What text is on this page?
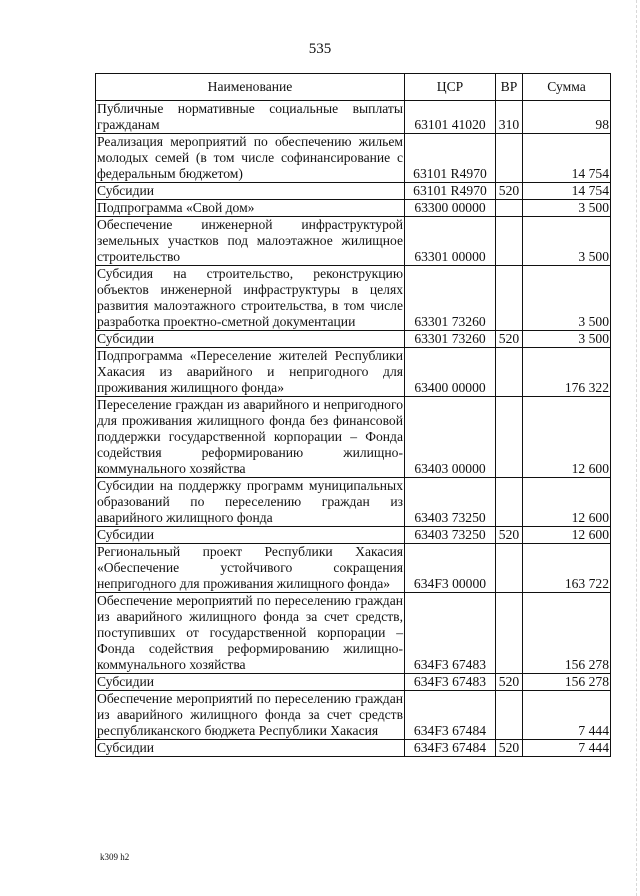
535
Наименование	ЦСР	ВР	Сумма
Публичные нормативные социальные выплаты гражданам	63101 41020	310	98
Реализация мероприятий по обеспечению жильем молодых семей (в том числе софинансирование с федеральным бюджетом)	63101 R4970		14 754
Субсидии	63101 R4970	520	14 754
Подпрограмма «Свой дом»	63300 00000		3 500
Обеспечение инженерной инфраструктурой земельных участков под малоэтажное жилищное строительство	63301 00000		3 500
Субсидия на строительство, реконструкцию объектов инженерной инфраструктуры в целях развития малоэтажного строительства, в том числе разработка проектно-сметной документации	63301 73260		3 500
Субсидии	63301 73260	520	3 500
Подпрограмма «Переселение жителей Республики Хакасия из аварийного и непригодного для проживания жилищного фонда»	63400 00000		176 322
Переселение граждан из аварийного и непригодного для проживания жилищного фонда без финансовой поддержки государственной корпорации – Фонда содействия реформированию жилищно-коммунального хозяйства	63403 00000		12 600
Субсидии на поддержку программ муниципальных образований по переселению граждан из аварийного жилищного фонда	63403 73250		12 600
Субсидии	63403 73250	520	12 600
Региональный проект Республики Хакасия «Обеспечение устойчивого сокращения непригодного для проживания жилищного фонда»	634F3 00000		163 722
Обеспечение мероприятий по переселению граждан из аварийного жилищного фонда за счет средств, поступивших от государственной корпорации – Фонда содействия реформированию жилищно-коммунального хозяйства	634F3 67483		156 278
Субсидии	634F3 67483	520	156 278
Обеспечение мероприятий по переселению граждан из аварийного жилищного фонда за счет средств республиканского бюджета Республики Хакасия	634F3 67484		7 444
Субсидии	634F3 67484	520	7 444
k309 h2
